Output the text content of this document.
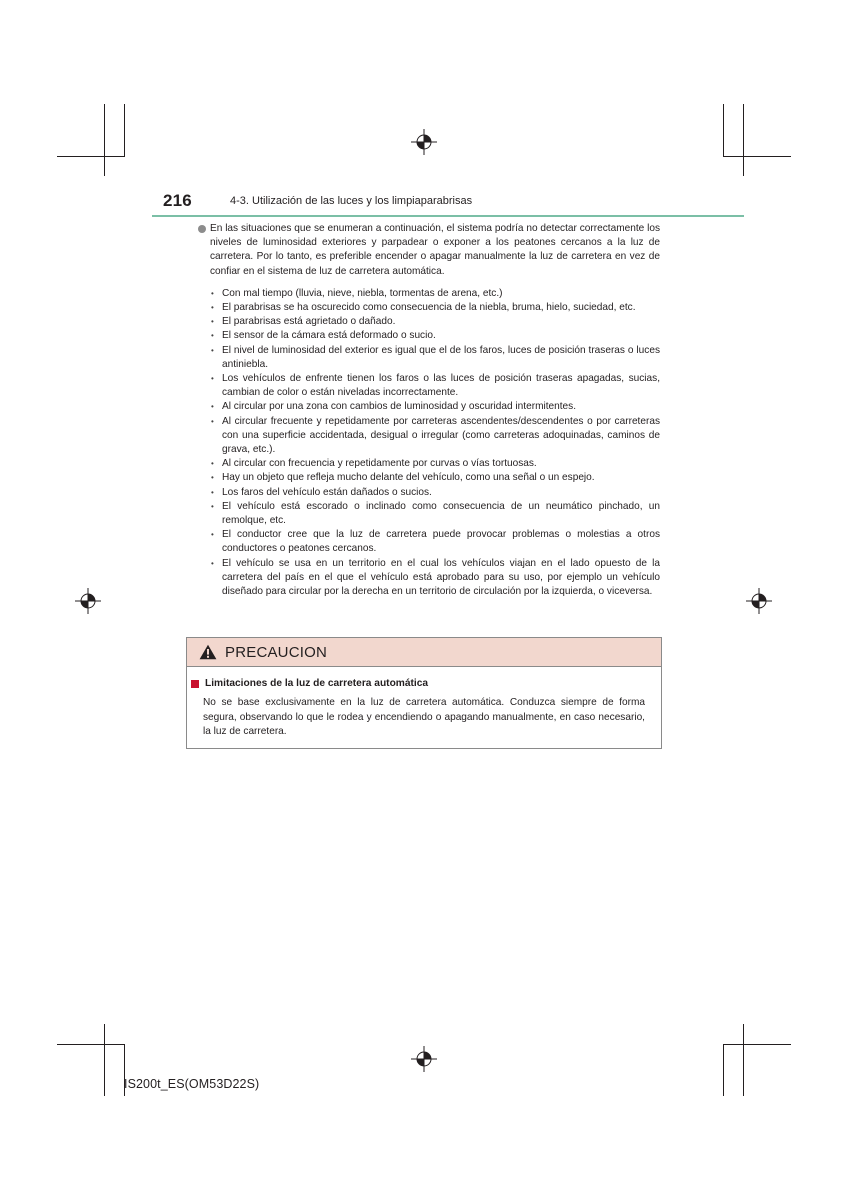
216	4-3. Utilización de las luces y los limpiaparabrisas
En las situaciones que se enumeran a continuación, el sistema podría no detectar correctamente los niveles de luminosidad exteriores y parpadear o exponer a los peatones cercanos a la luz de carretera. Por lo tanto, es preferible encender o apagar manualmente la luz de carretera en vez de confiar en el sistema de luz de carretera automática.
• Con mal tiempo (lluvia, nieve, niebla, tormentas de arena, etc.)
• El parabrisas se ha oscurecido como consecuencia de la niebla, bruma, hielo, suciedad, etc.
• El parabrisas está agrietado o dañado.
• El sensor de la cámara está deformado o sucio.
• El nivel de luminosidad del exterior es igual que el de los faros, luces de posición traseras o luces antiniebla.
• Los vehículos de enfrente tienen los faros o las luces de posición traseras apagadas, sucias, cambian de color o están niveladas incorrectamente.
• Al circular por una zona con cambios de luminosidad y oscuridad intermitentes.
• Al circular frecuente y repetidamente por carreteras ascendentes/descendentes o por carreteras con una superficie accidentada, desigual o irregular (como carreteras adoquinadas, caminos de grava, etc.).
• Al circular con frecuencia y repetidamente por curvas o vías tortuosas.
• Hay un objeto que refleja mucho delante del vehículo, como una señal o un espejo.
• Los faros del vehículo están dañados o sucios.
• El vehículo está escorado o inclinado como consecuencia de un neumático pinchado, un remolque, etc.
• El conductor cree que la luz de carretera puede provocar problemas o molestias a otros conductores o peatones cercanos.
• El vehículo se usa en un territorio en el cual los vehículos viajan en el lado opuesto de la carretera del país en el que el vehículo está aprobado para su uso, por ejemplo un vehículo diseñado para circular por la derecha en un territorio de circulación por la izquierda, o viceversa.
PRECAUCION
Limitaciones de la luz de carretera automática
No se base exclusivamente en la luz de carretera automática. Conduzca siempre de forma segura, observando lo que le rodea y encendiendo o apagando manualmente, en caso necesario, la luz de carretera.
IS200t_ES(OM53D22S)
